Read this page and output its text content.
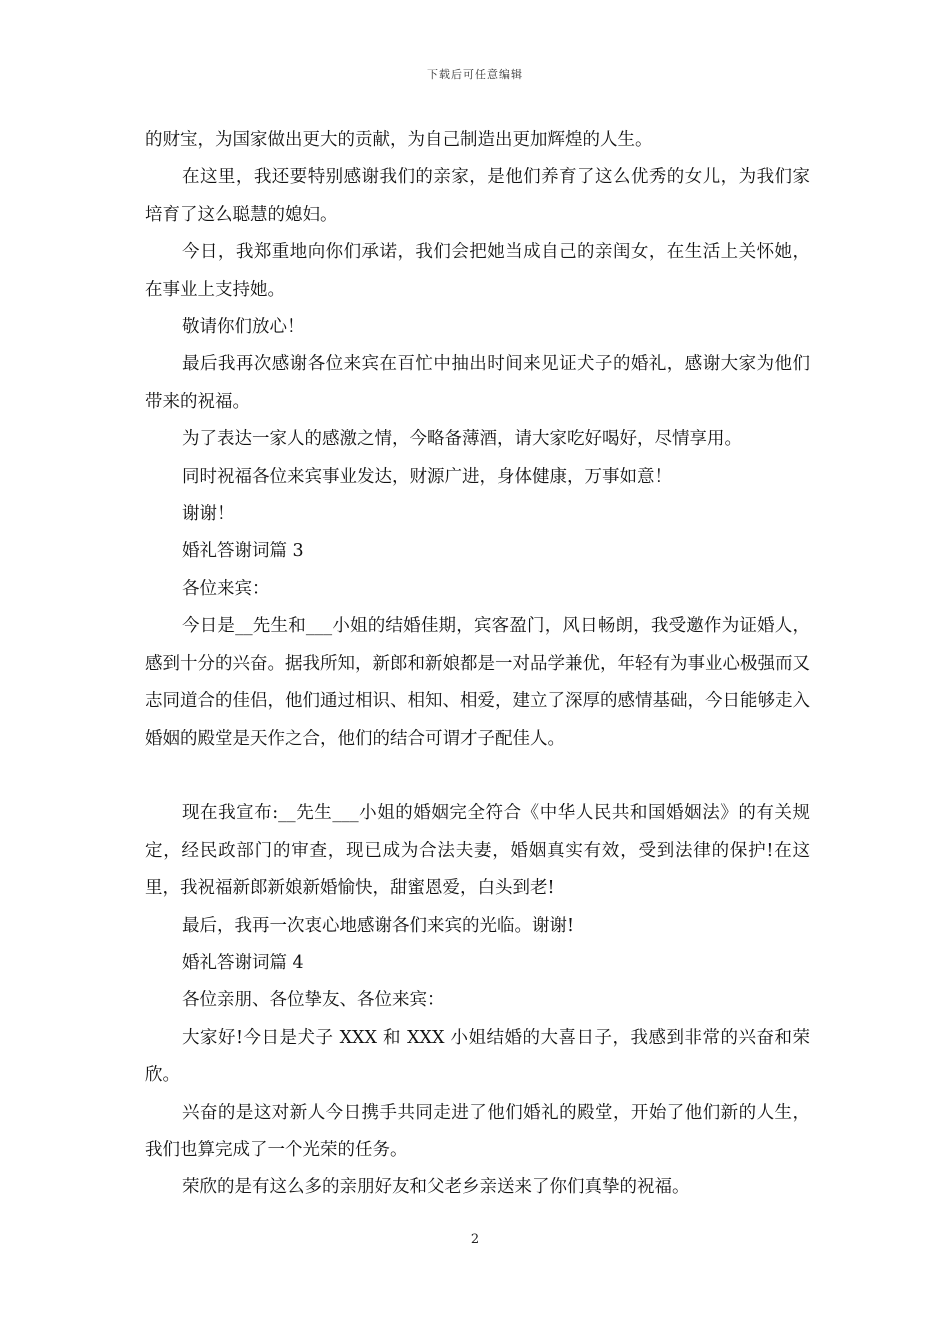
下载后可任意编辑

的财宝，为国家做出更大的贡献，为自己制造出更加辉煌的人生。

在这里，我还要特别感谢我们的亲家，是他们养育了这么优秀的女儿，为我们家培育了这么聪慧的媳妇。

今日，我郑重地向你们承诺，我们会把她当成自己的亲闺女，在生活上关怀她，在事业上支持她。

敬请你们放心！

最后我再次感谢各位来宾在百忙中抽出时间来见证犬子的婚礼，感谢大家为他们带来的祝福。

为了表达一家人的感激之情，今略备薄酒，请大家吃好喝好，尽情享用。

同时祝福各位来宾事业发达，财源广进，身体健康，万事如意！

谢谢！

婚礼答谢词篇 3

各位来宾：

今日是__先生和___小姐的结婚佳期，宾客盈门，风日畅朗，我受邀作为证婚人，感到十分的兴奋。据我所知，新郎和新娘都是一对品学兼优，年轻有为事业心极强而又志同道合的佳侣，他们通过相识、相知、相爱，建立了深厚的感情基础，今日能够走入婚姻的殿堂是天作之合，他们的结合可谓才子配佳人。

现在我宣布:__先生___小姐的婚姻完全符合《中华人民共和国婚姻法》的有关规定，经民政部门的审查，现已成为合法夫妻，婚姻真实有效，受到法律的保护!在这里，我祝福新郎新娘新婚愉快，甜蜜恩爱，白头到老!

最后，我再一次衷心地感谢各们来宾的光临。谢谢!

婚礼答谢词篇 4

各位亲朋、各位挚友、各位来宾：

大家好!今日是犬子 XXX 和 XXX 小姐结婚的大喜日子，我感到非常的兴奋和荣欣。

兴奋的是这对新人今日携手共同走进了他们婚礼的殿堂，开始了他们新的人生，我们也算完成了一个光荣的任务。

荣欣的是有这么多的亲朋好友和父老乡亲送来了你们真挚的祝福。

2
